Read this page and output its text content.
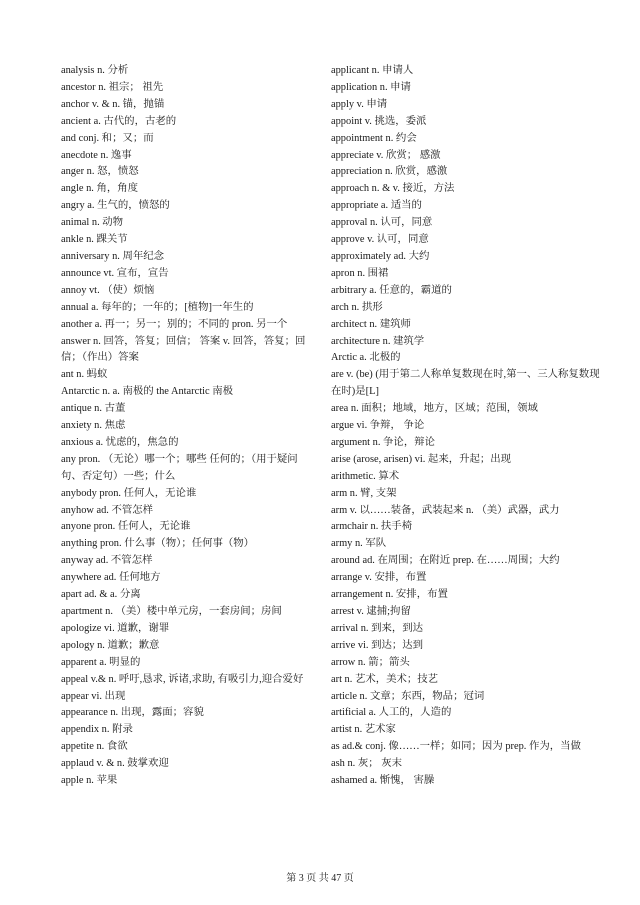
analysis n. 分析
ancestor n. 祖宗； 祖先
anchor v. & n. 锚，抛锚
ancient a. 古代的，古老的
and conj. 和；又；而
anecdote n. 逸事
anger n. 怒，愤怒
angle n. 角，角度
angry a. 生气的，愤怒的
animal n. 动物
ankle n. 踝关节
anniversary n. 周年纪念
announce vt. 宣布，宣告
annoy vt. （使）烦恼
annual a. 每年的；一年的；[植物]一年生的
another a. 再一；另一；别的；不同的 pron. 另一个
answer n. 回答，答复；回信； 答案 v. 回答，答复；回信；（作出）答案
ant n. 蚂蚁
Antarctic n. a. 南极的 the Antarctic 南极
antique n. 古董
anxiety n. 焦虑
anxious a. 忧虑的，焦急的
any pron. （无论）哪一个；哪些 任何的；（用于疑问句、否定句）一些；什么
anybody pron. 任何人，无论谁
anyhow ad. 不管怎样
anyone pron. 任何人，无论谁
anything pron. 什么事（物）；任何事（物）
anyway ad. 不管怎样
anywhere ad. 任何地方
apart ad. & a. 分离
apartment n. （美）楼中单元房，一套房间；房间
apologize vi. 道歉，谢罪
apology n. 道歉；歉意
apparent a. 明显的
appeal v.& n. 呼吁,恳求, 诉诸,求助, 有吸引力,迎合爱好
appear vi. 出现
appearance n. 出现，露面；容貌
appendix n. 附录
appetite n. 食欲
applaud v. & n. 鼓掌欢迎
apple n. 苹果
applicant n. 申请人
application n. 申请
apply v. 申请
appoint v. 挑选，委派
appointment n. 约会
appreciate v. 欣赏； 感激
appreciation n. 欣赏，感激
approach n. & v. 接近，方法
appropriate a. 适当的
approval n. 认可，同意
approve v. 认可，同意
approximately ad. 大约
apron n. 围裙
arbitrary a. 任意的，霸道的
arch n. 拱形
architect n. 建筑师
architecture n. 建筑学
Arctic a. 北极的
are v. (be) (用于第二人称单复数现在时,第一、三人称复数现在时)是[L]
area n. 面积；地域，地方，区域；范围，领域
argue vi. 争辩， 争论
argument n. 争论，辩论
arise (arose, arisen) vi. 起来，升起；出现
arithmetic. 算术
arm n. 臂, 支架
arm v. 以……装备，武装起来 n. （美）武器，武力
armchair n. 扶手椅
army n. 军队
around ad. 在周围；在附近 prep. 在……周围；大约
arrange v. 安排，布置
arrangement n. 安排，布置
arrest v. 逮捕;拘留
arrival n. 到来，到达
arrive vi. 到达；达到
arrow n. 箭；箭头
art n. 艺术，美术；技艺
article n. 文章；东西，物品；冠词
artificial a. 人工的，人造的
artist n. 艺术家
as ad.& conj. 像……一样；如同；因为 prep. 作为，当做
ash n. 灰； 灰末
ashamed a. 惭愧， 害臊
第 3 页 共 47 页
